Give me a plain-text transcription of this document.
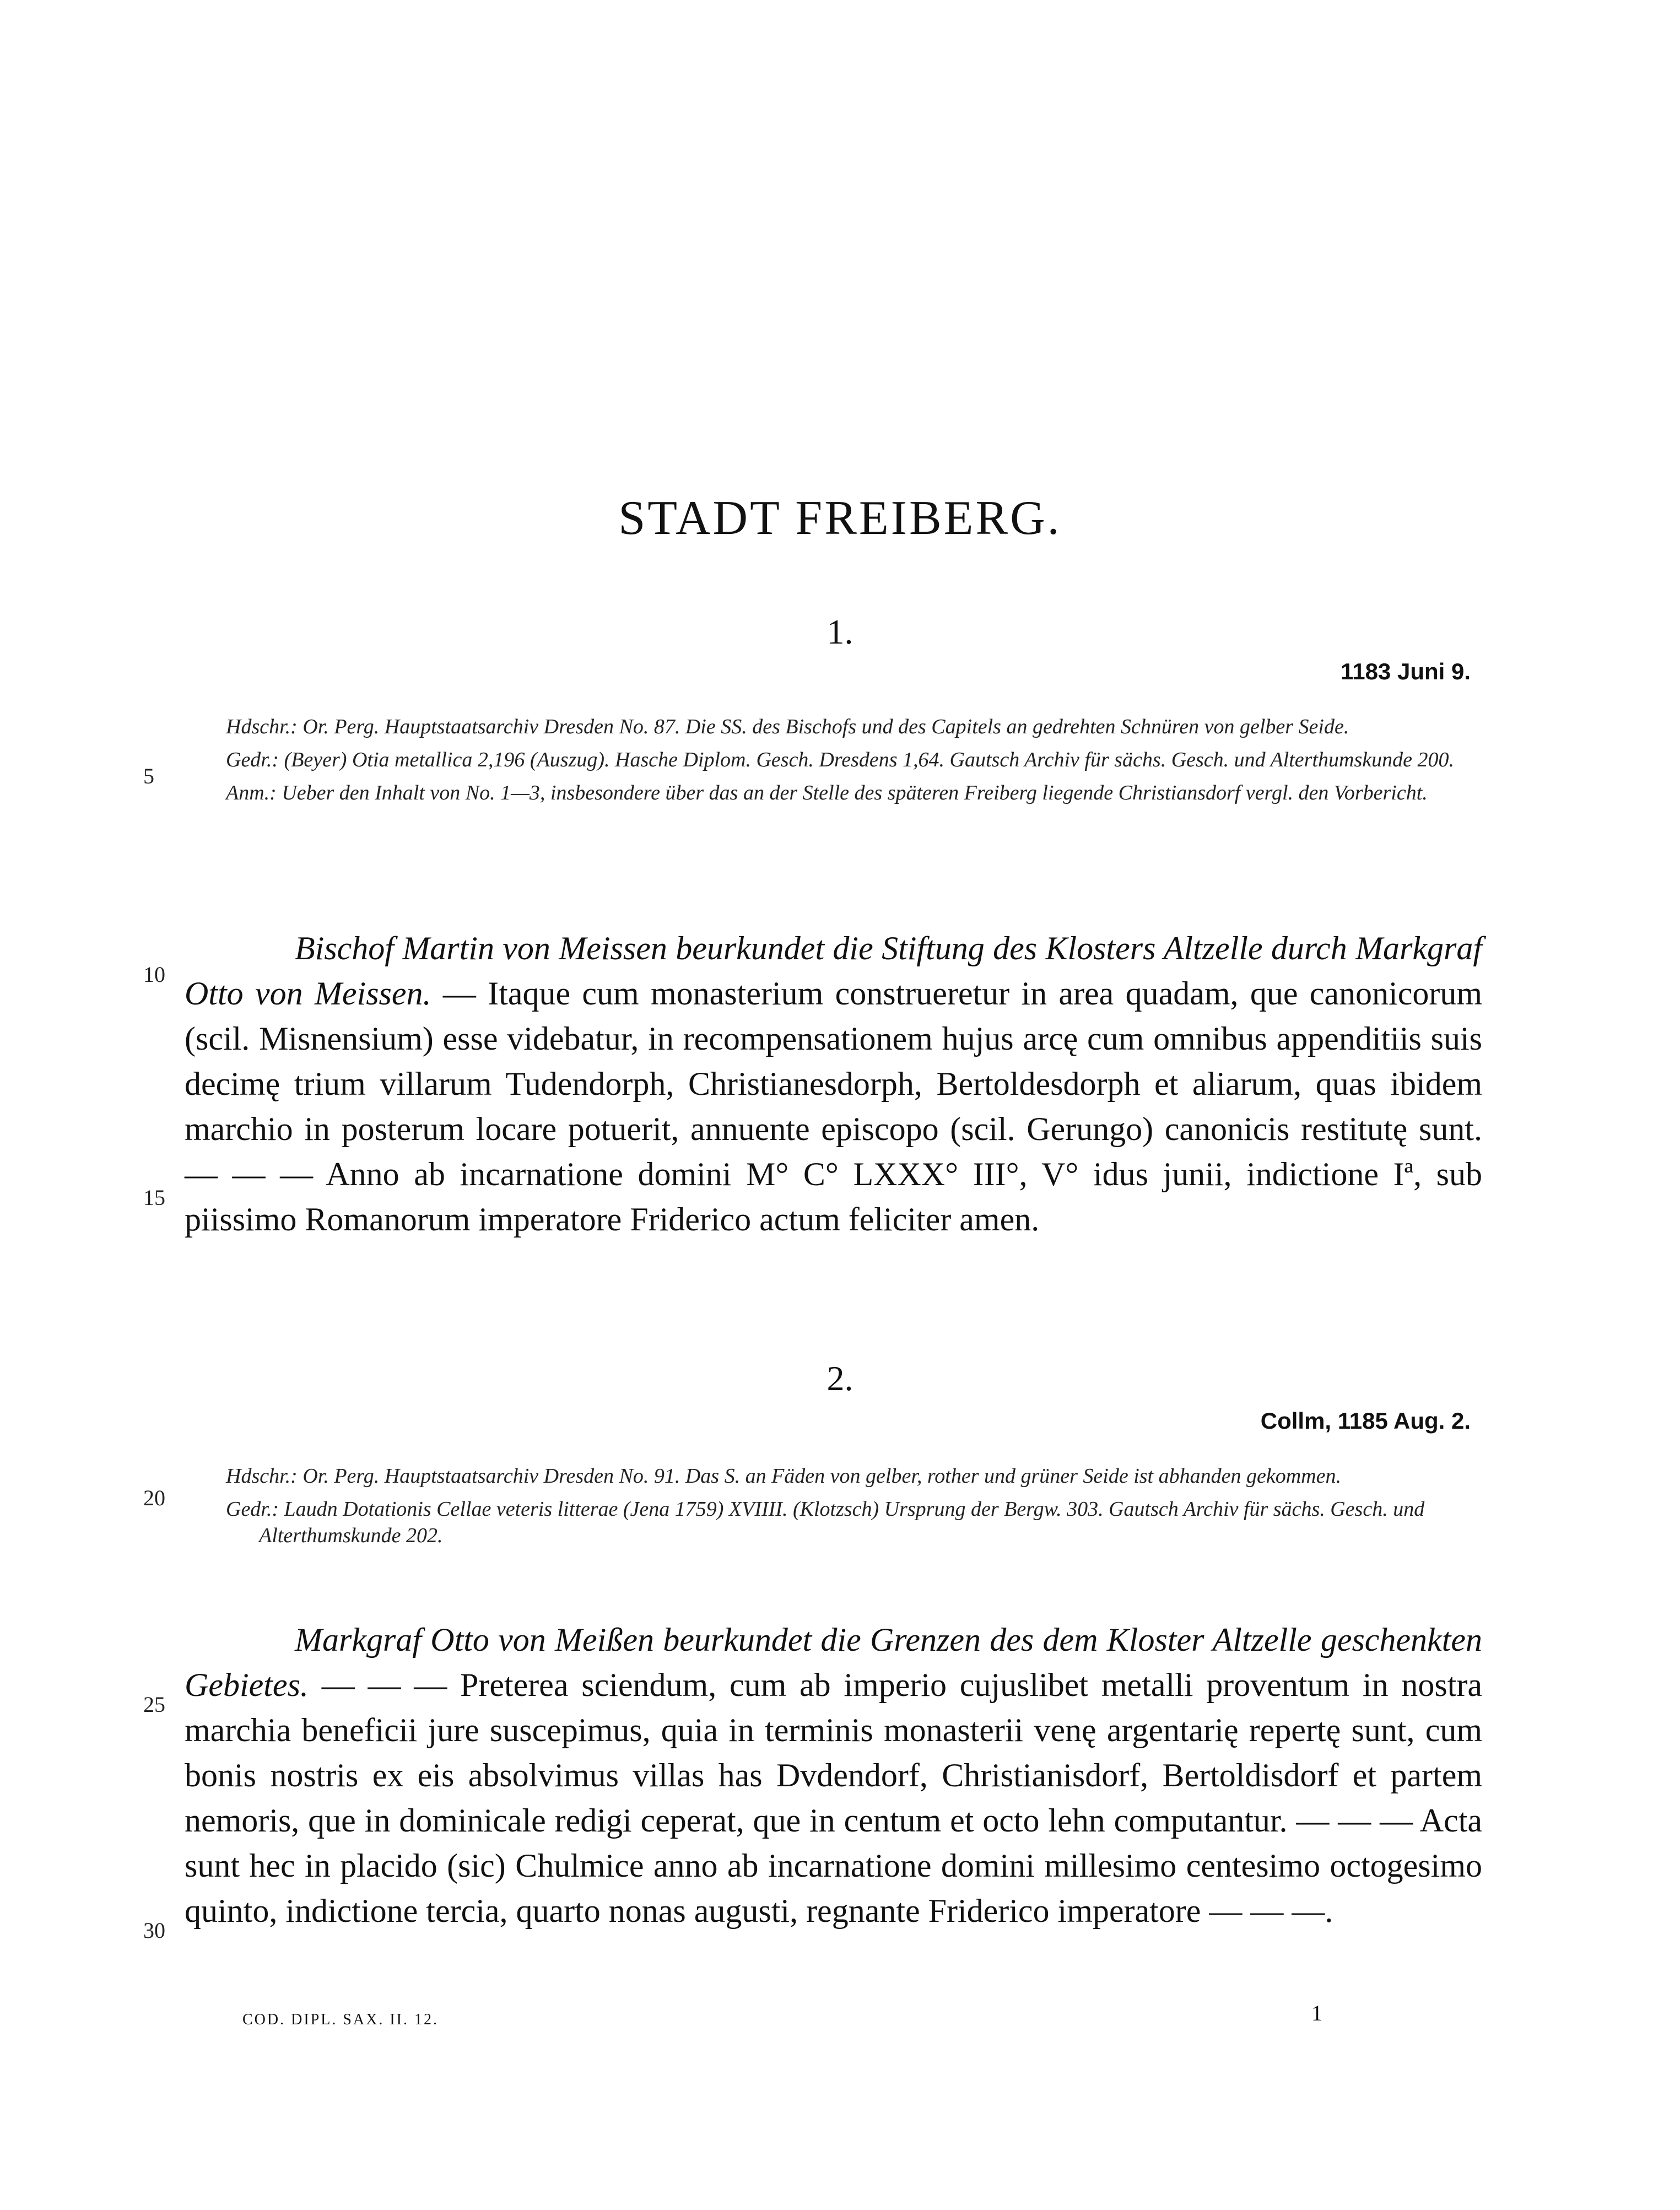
STADT FREIBERG.
1.
1183 Juni 9.

Hdschr.: Or. Perg. Hauptstaatsarchiv Dresden No. 87. Die SS. des Bischofs und des Capitels an gedrehten Schnüren von gelber Seide.

Gedr.: (Beyer) Otia metallica 2,196 (Auszug). Hasche Diplom. Gesch. Dresdens 1,64. Gautsch Archiv für sächs. Gesch. und Alterthumskunde 200.

Anm.: Ueber den Inhalt von No. 1—3, insbesondere über das an der Stelle des späteren Freiberg liegende Christiansdorf vergl. den Vorbericht.

Bischof Martin von Meissen beurkundet die Stiftung des Klosters Altzelle durch Markgraf Otto von Meissen. — Itaque cum monasterium construeretur in area quadam, que canonicorum (scil. Misnensium) esse videbatur, in recompensationem hujus arcę cum omnibus appenditiis suis decimę trium villarum Tudendorph, Christianesdorph, Bertoldesdorph et aliarum, quas ibidem marchio in posterum locare potuerit, annuente episcopo (scil. Gerungo) canonicis restitutę sunt. — — — Anno ab incarnatione domini M° C° LXXX° III°, V° idus junii, indictione Iª, sub piissimo Romanorum imperatore Friderico actum feliciter amen.
2.
Collm, 1185 Aug. 2.

Hdschr.: Or. Perg. Hauptstaatsarchiv Dresden No. 91. Das S. an Fäden von gelber, rother und grüner Seide ist abhanden gekommen.

Gedr.: Laudn Dotationis Cellae veteris litterae (Jena 1759) XVIIII. (Klotzsch) Ursprung der Bergw. 303. Gautsch Archiv für sächs. Gesch. und Alterthumskunde 202.

Markgraf Otto von Meißen beurkundet die Grenzen des dem Kloster Altzelle geschenkten Gebietes. — — — Preterea sciendum, cum ab imperio cujuslibet metalli proventum in nostra marchia beneficii jure suscepimus, quia in terminis monasterii venę argentarię repertę sunt, cum bonis nostris ex eis absolvimus villas has Dvdendorf, Christianisdorf, Bertoldisdorf et partem nemoris, que in dominicale redigi ceperat, que in centum et octo lehn computantur. — — — Acta sunt hec in placido (sic) Chulmice anno ab incarnatione domini millesimo centesimo octogesimo quinto, indictione tercia, quarto nonas augusti, regnante Friderico imperatore — — —.
5
10
15
20
25
30
COD. DIPL. SAX. II. 12.	1
